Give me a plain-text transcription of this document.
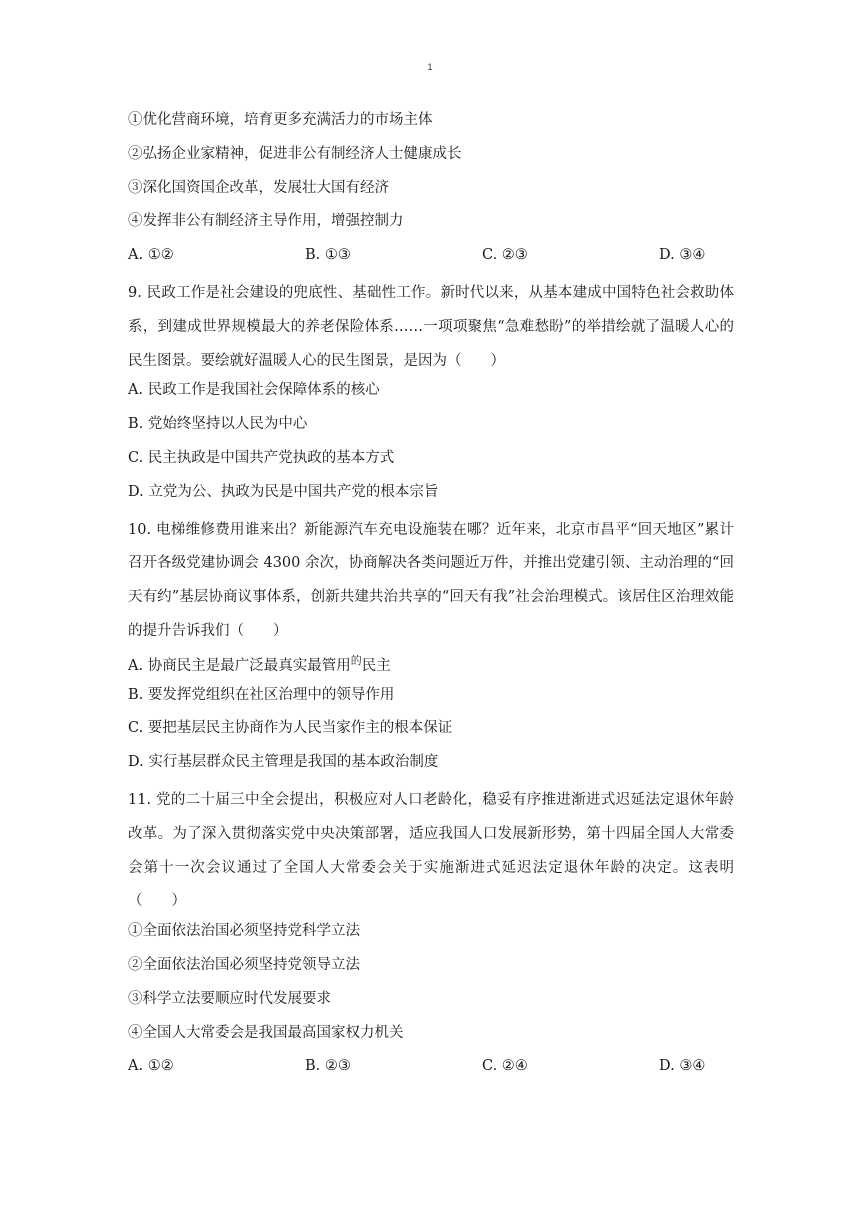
1
①优化营商环境，培育更多充满活力的市场主体
②弘扬企业家精神，促进非公有制经济人士健康成长
③深化国资国企改革，发展壮大国有经济
④发挥非公有制经济主导作用，增强控制力
A. ①②	B. ①③	C. ②③	D. ③④
9. 民政工作是社会建设的兜底性、基础性工作。新时代以来，从基本建成中国特色社会救助体系，到建成世界规模最大的养老保险体系……一项项聚焦“急难愁盼”的举措绘就了温暖人心的民生图景。要绘就好温暖人心的民生图景，是因为（　　）
A. 民政工作是我国社会保障体系的核心
B. 党始终坚持以人民为中心
C. 民主执政是中国共产党执政的基本方式
D. 立党为公、执政为民是中国共产党的根本宗旨
10. 电梯维修费用谁来出？新能源汽车充电设施装在哪？近年来，北京市昌平“回天地区”累计召开各级党建协调会 4300 余次，协商解决各类问题近万件，并推出党建引领、主动治理的“回天有约”基层协商议事体系，创新共建共治共享的“回天有我”社会治理模式。该居住区治理效能的提升告诉我们（　　）
A. 协商民主是最广泛最真实最管用$^的$民主
B. 要发挥党组织在社区治理中的领导作用
C. 要把基层民主协商作为人民当家作主的根本保证
D. 实行基层群众民主管理是我国的基本政治制度
11. 党的二十届三中全会提出，积极应对人口老龄化，稳妥有序推进渐进式迟延法定退休年龄改革。为了深入贯彻落实党中央决策部署，适应我国人口发展新形势，第十四届全国人大常委会第十一次会议通过了全国人大常委会关于实施渐进式延迟法定退休年龄的决定。这表明（　　）
①全面依法治国必须坚持党科学立法
②全面依法治国必须坚持党领导立法
③科学立法要顺应时代发展要求
④全国人大常委会是我国最高国家权力机关
A. ①②	B. ②③	C. ②④	D. ③④
